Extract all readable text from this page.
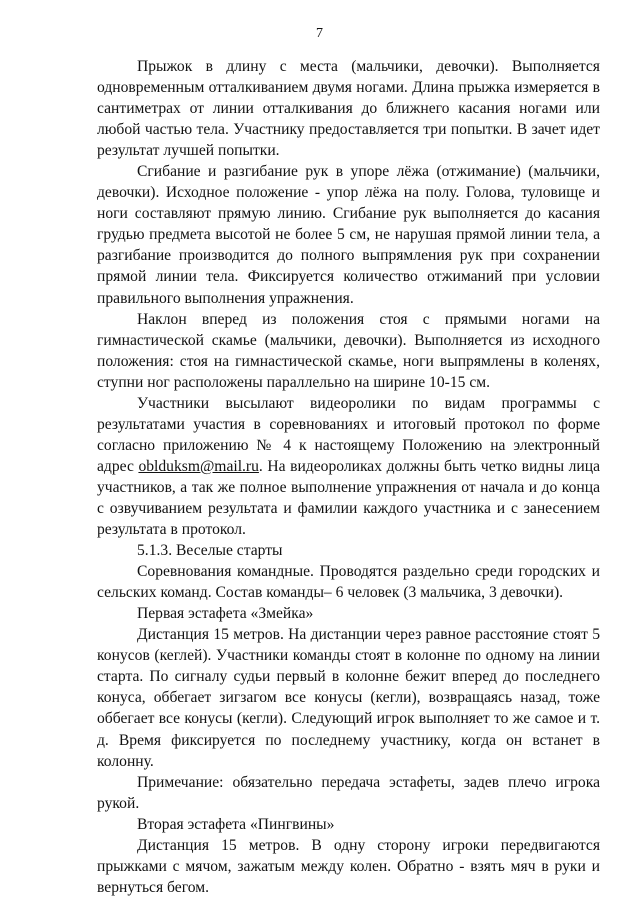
7

Прыжок в длину с места (мальчики, девочки). Выполняется одновременным отталкиванием двумя ногами. Длина прыжка измеряется в сантиметрах от линии отталкивания до ближнего касания ногами или любой частью тела. Участнику предоставляется три попытки. В зачет идет результат лучшей попытки.

Сгибание и разгибание рук в упоре лёжа (отжимание) (мальчики, девочки). Исходное положение - упор лёжа на полу. Голова, туловище и ноги составляют прямую линию. Сгибание рук выполняется до касания грудью предмета высотой не более 5 см, не нарушая прямой линии тела, а разгибание производится до полного выпрямления рук при сохранении прямой линии тела. Фиксируется количество отжиманий при условии правильного выполнения упражнения.

Наклон вперед из положения стоя с прямыми ногами на гимнастической скамье (мальчики, девочки). Выполняется из исходного положения: стоя на гимнастической скамье, ноги выпрямлены в коленях, ступни ног расположены параллельно на ширине 10-15 см.

Участники высылают видеоролики по видам программы с результатами участия в соревнованиях и итоговый протокол по форме согласно приложению № 4 к настоящему Положению на электронный адрес oblduksm@mail.ru. На видеороликах должны быть четко видны лица участников, а так же полное выполнение упражнения от начала и до конца с озвучиванием результата и фамилии каждого участника и с занесением результата в протокол.

5.1.3. Веселые старты

Соревнования командные. Проводятся раздельно среди городских и сельских команд. Состав команды– 6 человек (3 мальчика, 3 девочки).

Первая эстафета «Змейка»

Дистанция 15 метров. На дистанции через равное расстояние стоят 5 конусов (кеглей). Участники команды стоят в колонне по одному на линии старта. По сигналу судьи первый в колонне бежит вперед до последнего конуса, оббегает зигзагом все конусы (кегли), возвращаясь назад, тоже оббегает все конусы (кегли). Следующий игрок выполняет то же самое и т. д. Время фиксируется по последнему участнику, когда он встанет в колонну.

Примечание: обязательно передача эстафеты, задев плечо игрока рукой.

Вторая эстафета «Пингвины»

Дистанция 15 метров. В одну сторону игроки передвигаются прыжками с мячом, зажатым между колен. Обратно - взять мяч в руки и вернуться бегом.
